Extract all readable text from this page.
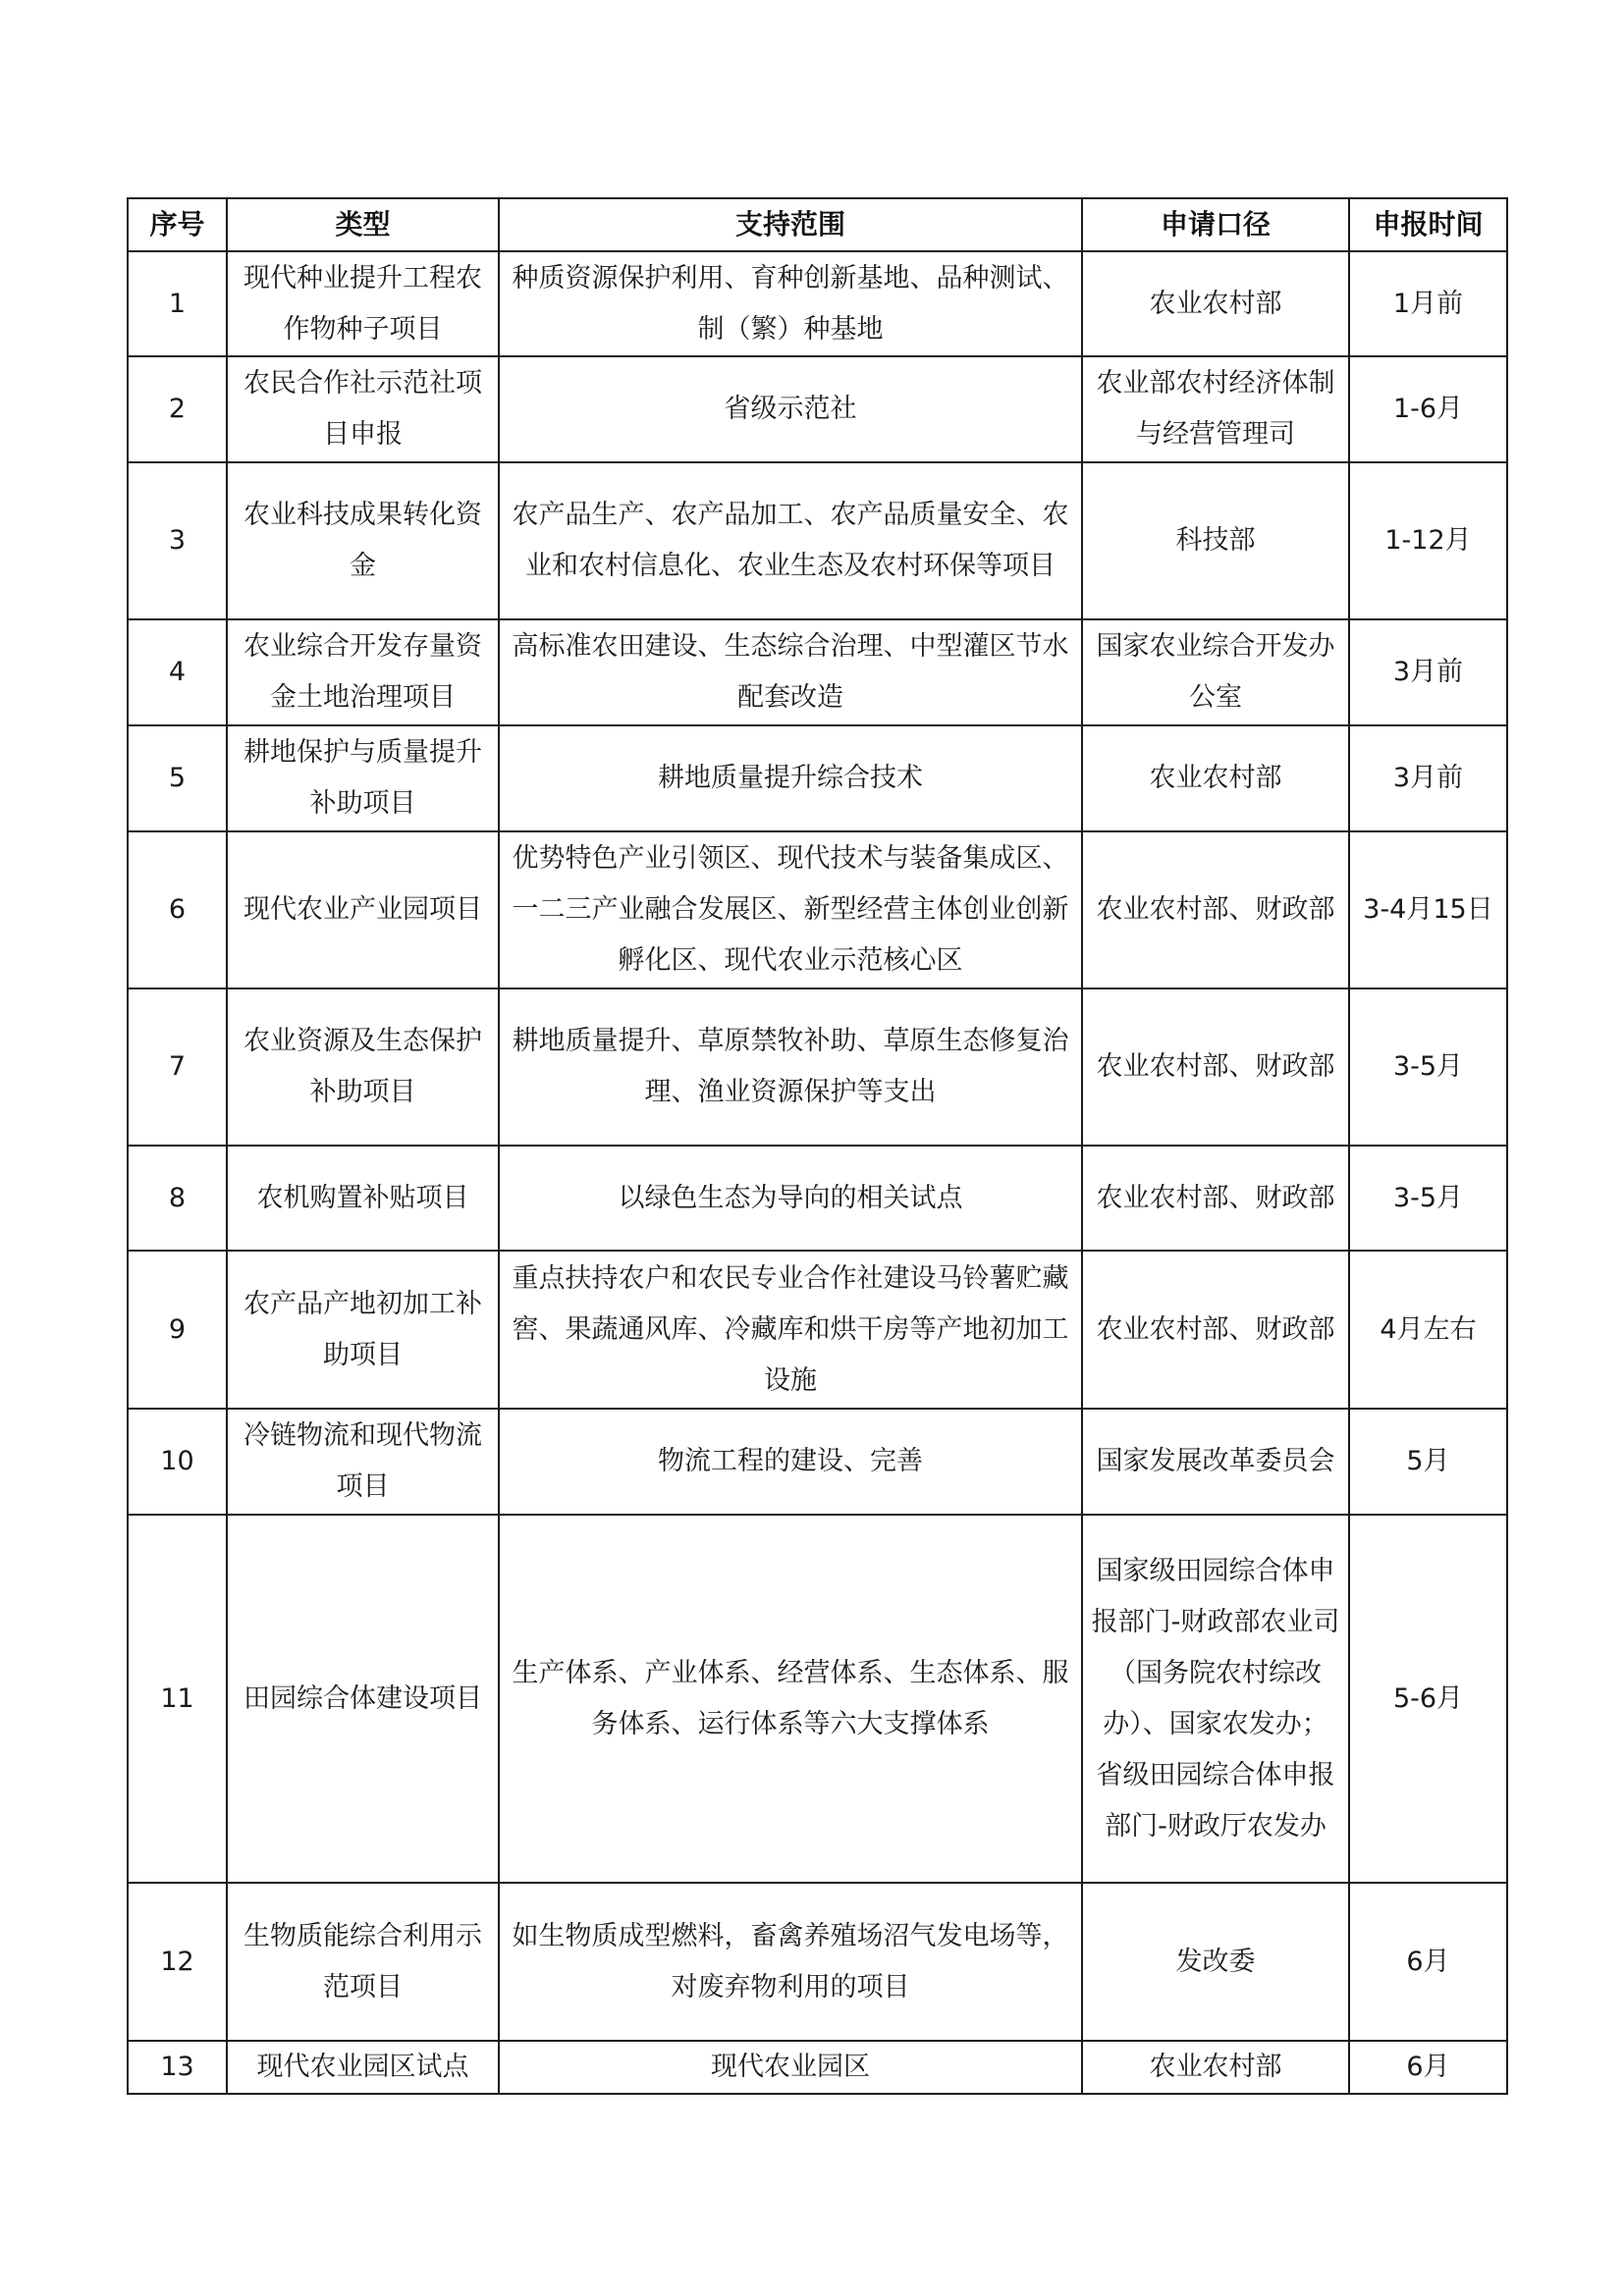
序号	类型	支持范围	申请口径	申报时间
1	现代种业提升工程农作物种子项目	种质资源保护利用、育种创新基地、品种测试、制（繁）种基地	农业农村部	1月前
2	农民合作社示范社项目申报	省级示范社	农业部农村经济体制与经营管理司	1-6月
3	农业科技成果转化资金	农产品生产、农产品加工、农产品质量安全、农业和农村信息化、农业生态及农村环保等项目	科技部	1-12月
4	农业综合开发存量资金土地治理项目	高标准农田建设、生态综合治理、中型灌区节水配套改造	国家农业综合开发办公室	3月前
5	耕地保护与质量提升补助项目	耕地质量提升综合技术	农业农村部	3月前
6	现代农业产业园项目	优势特色产业引领区、现代技术与装备集成区、一二三产业融合发展区、新型经营主体创业创新孵化区、现代农业示范核心区	农业农村部、财政部	3-4月15日
7	农业资源及生态保护补助项目	耕地质量提升、草原禁牧补助、草原生态修复治理、渔业资源保护等支出	农业农村部、财政部	3-5月
8	农机购置补贴项目	以绿色生态为导向的相关试点	农业农村部、财政部	3-5月
9	农产品产地初加工补助项目	重点扶持农户和农民专业合作社建设马铃薯贮藏窖、果蔬通风库、冷藏库和烘干房等产地初加工设施	农业农村部、财政部	4月左右
10	冷链物流和现代物流项目	物流工程的建设、完善	国家发展改革委员会	5月
11	田园综合体建设项目	生产体系、产业体系、经营体系、生态体系、服务体系、运行体系等六大支撑体系	国家级田园综合体申报部门-财政部农业司（国务院农村综改办）、国家农发办；省级田园综合体申报部门-财政厅农发办	5-6月
12	生物质能综合利用示范项目	如生物质成型燃料，畜禽养殖场沼气发电场等，对废弃物利用的项目	发改委	6月
13	现代农业园区试点	现代农业园区	农业农村部	6月
